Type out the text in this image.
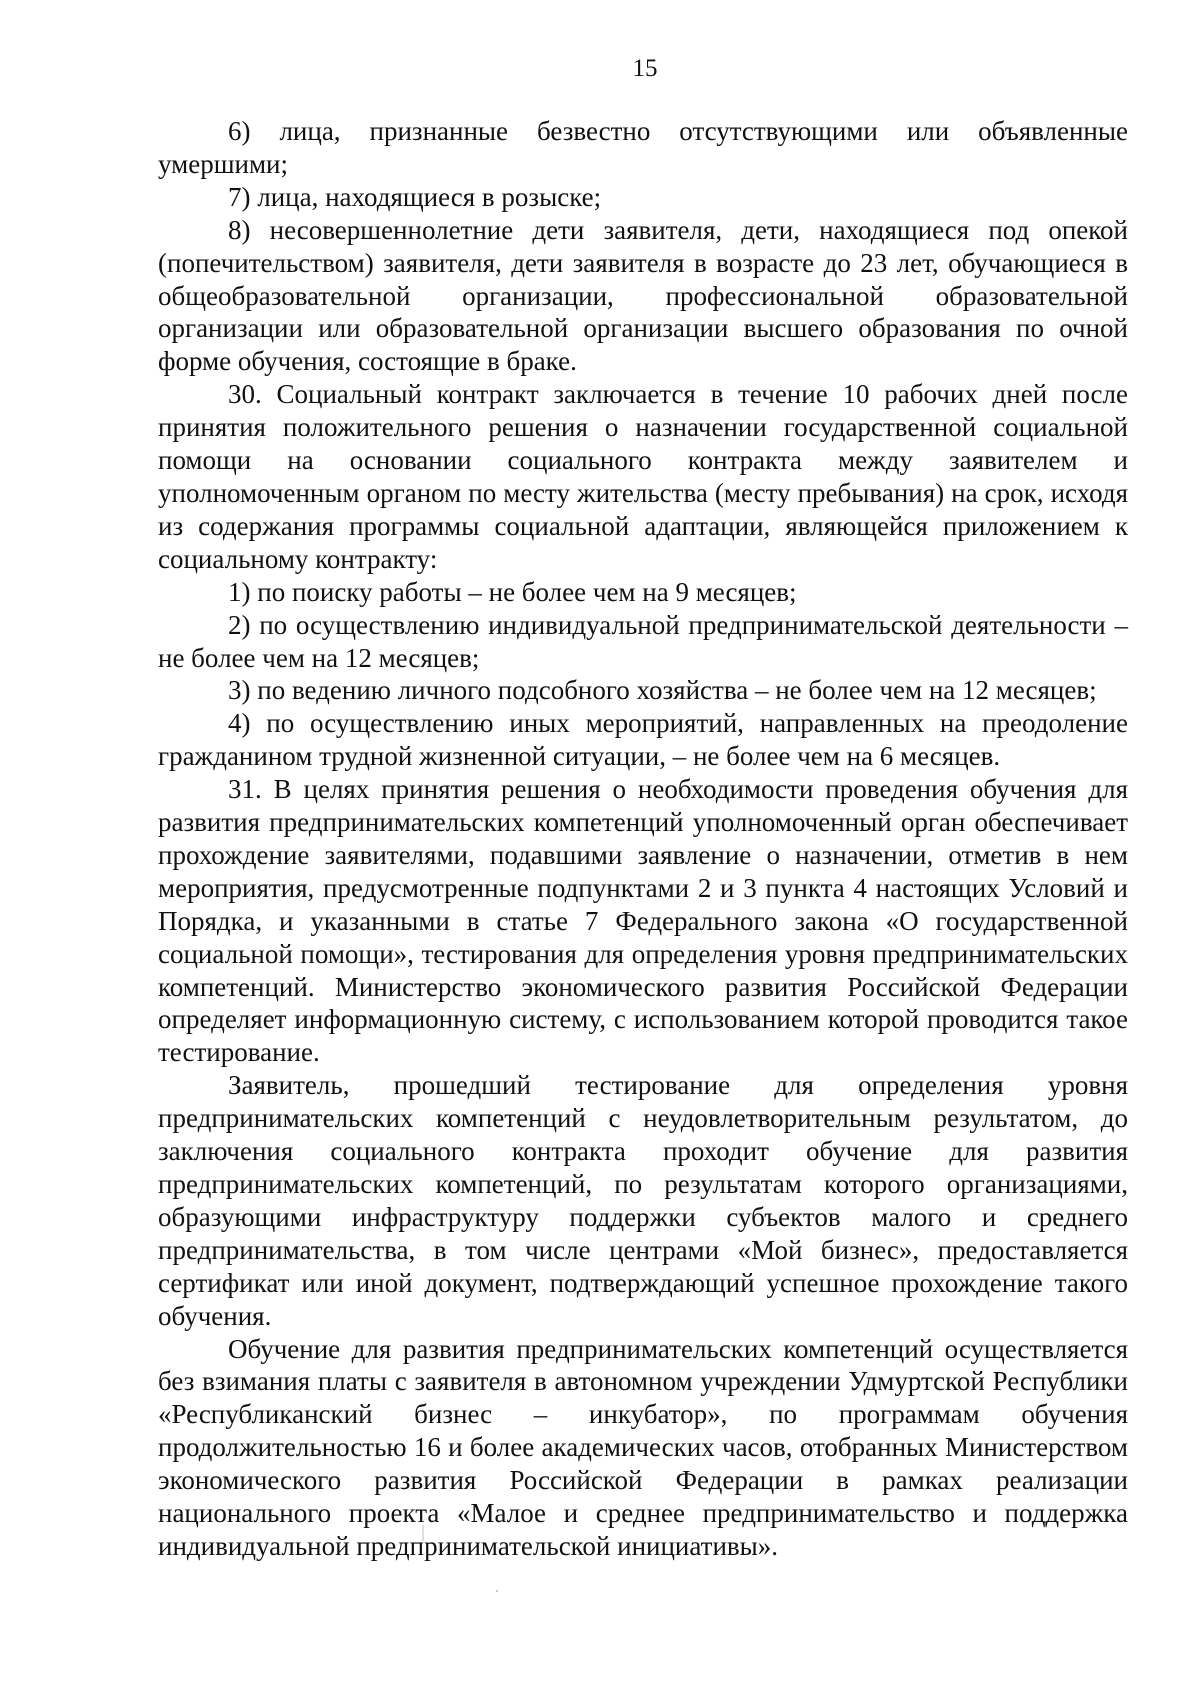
15

6) лица, признанные безвестно отсутствующими или объявленные умершими;

7) лица, находящиеся в розыске;

8) несовершеннолетние дети заявителя, дети, находящиеся под опекой (попечительством) заявителя, дети заявителя в возрасте до 23 лет, обучающиеся в общеобразовательной организации, профессиональной образовательной организации или образовательной организации высшего образования по очной форме обучения, состоящие в браке.

30. Социальный контракт заключается в течение 10 рабочих дней после принятия положительного решения о назначении государственной социальной помощи на основании социального контракта между заявителем и уполномоченным органом по месту жительства (месту пребывания) на срок, исходя из содержания программы социальной адаптации, являющейся приложением к социальному контракту:

1) по поиску работы – не более чем на 9 месяцев;

2) по осуществлению индивидуальной предпринимательской деятельности – не более чем на 12 месяцев;

3) по ведению личного подсобного хозяйства – не более чем на 12 месяцев;

4) по осуществлению иных мероприятий, направленных на преодоление гражданином трудной жизненной ситуации, – не более чем на 6 месяцев.

31. В целях принятия решения о необходимости проведения обучения для развития предпринимательских компетенций уполномоченный орган обеспечивает прохождение заявителями, подавшими заявление о назначении, отметив в нем мероприятия, предусмотренные подпунктами 2 и 3 пункта 4 настоящих Условий и Порядка, и указанными в статье 7 Федерального закона «О государственной социальной помощи», тестирования для определения уровня предпринимательских компетенций. Министерство экономического развития Российской Федерации определяет информационную систему, с использованием которой проводится такое тестирование.

Заявитель, прошедший тестирование для определения уровня предпринимательских компетенций с неудовлетворительным результатом, до заключения социального контракта проходит обучение для развития предпринимательских компетенций, по результатам которого организациями, образующими инфраструктуру поддержки субъектов малого и среднего предпринимательства, в том числе центрами «Мой бизнес», предоставляется сертификат или иной документ, подтверждающий успешное прохождение такого обучения.

Обучение для развития предпринимательских компетенций осуществляется без взимания платы с заявителя в автономном учреждении Удмуртской Республики «Республиканский бизнес – инкубатор», по программам обучения продолжительностью 16 и более академических часов, отобранных Министерством экономического развития Российской Федерации в рамках реализации национального проекта «Малое и среднее предпринимательство и поддержка индивидуальной предпринимательской инициативы».
